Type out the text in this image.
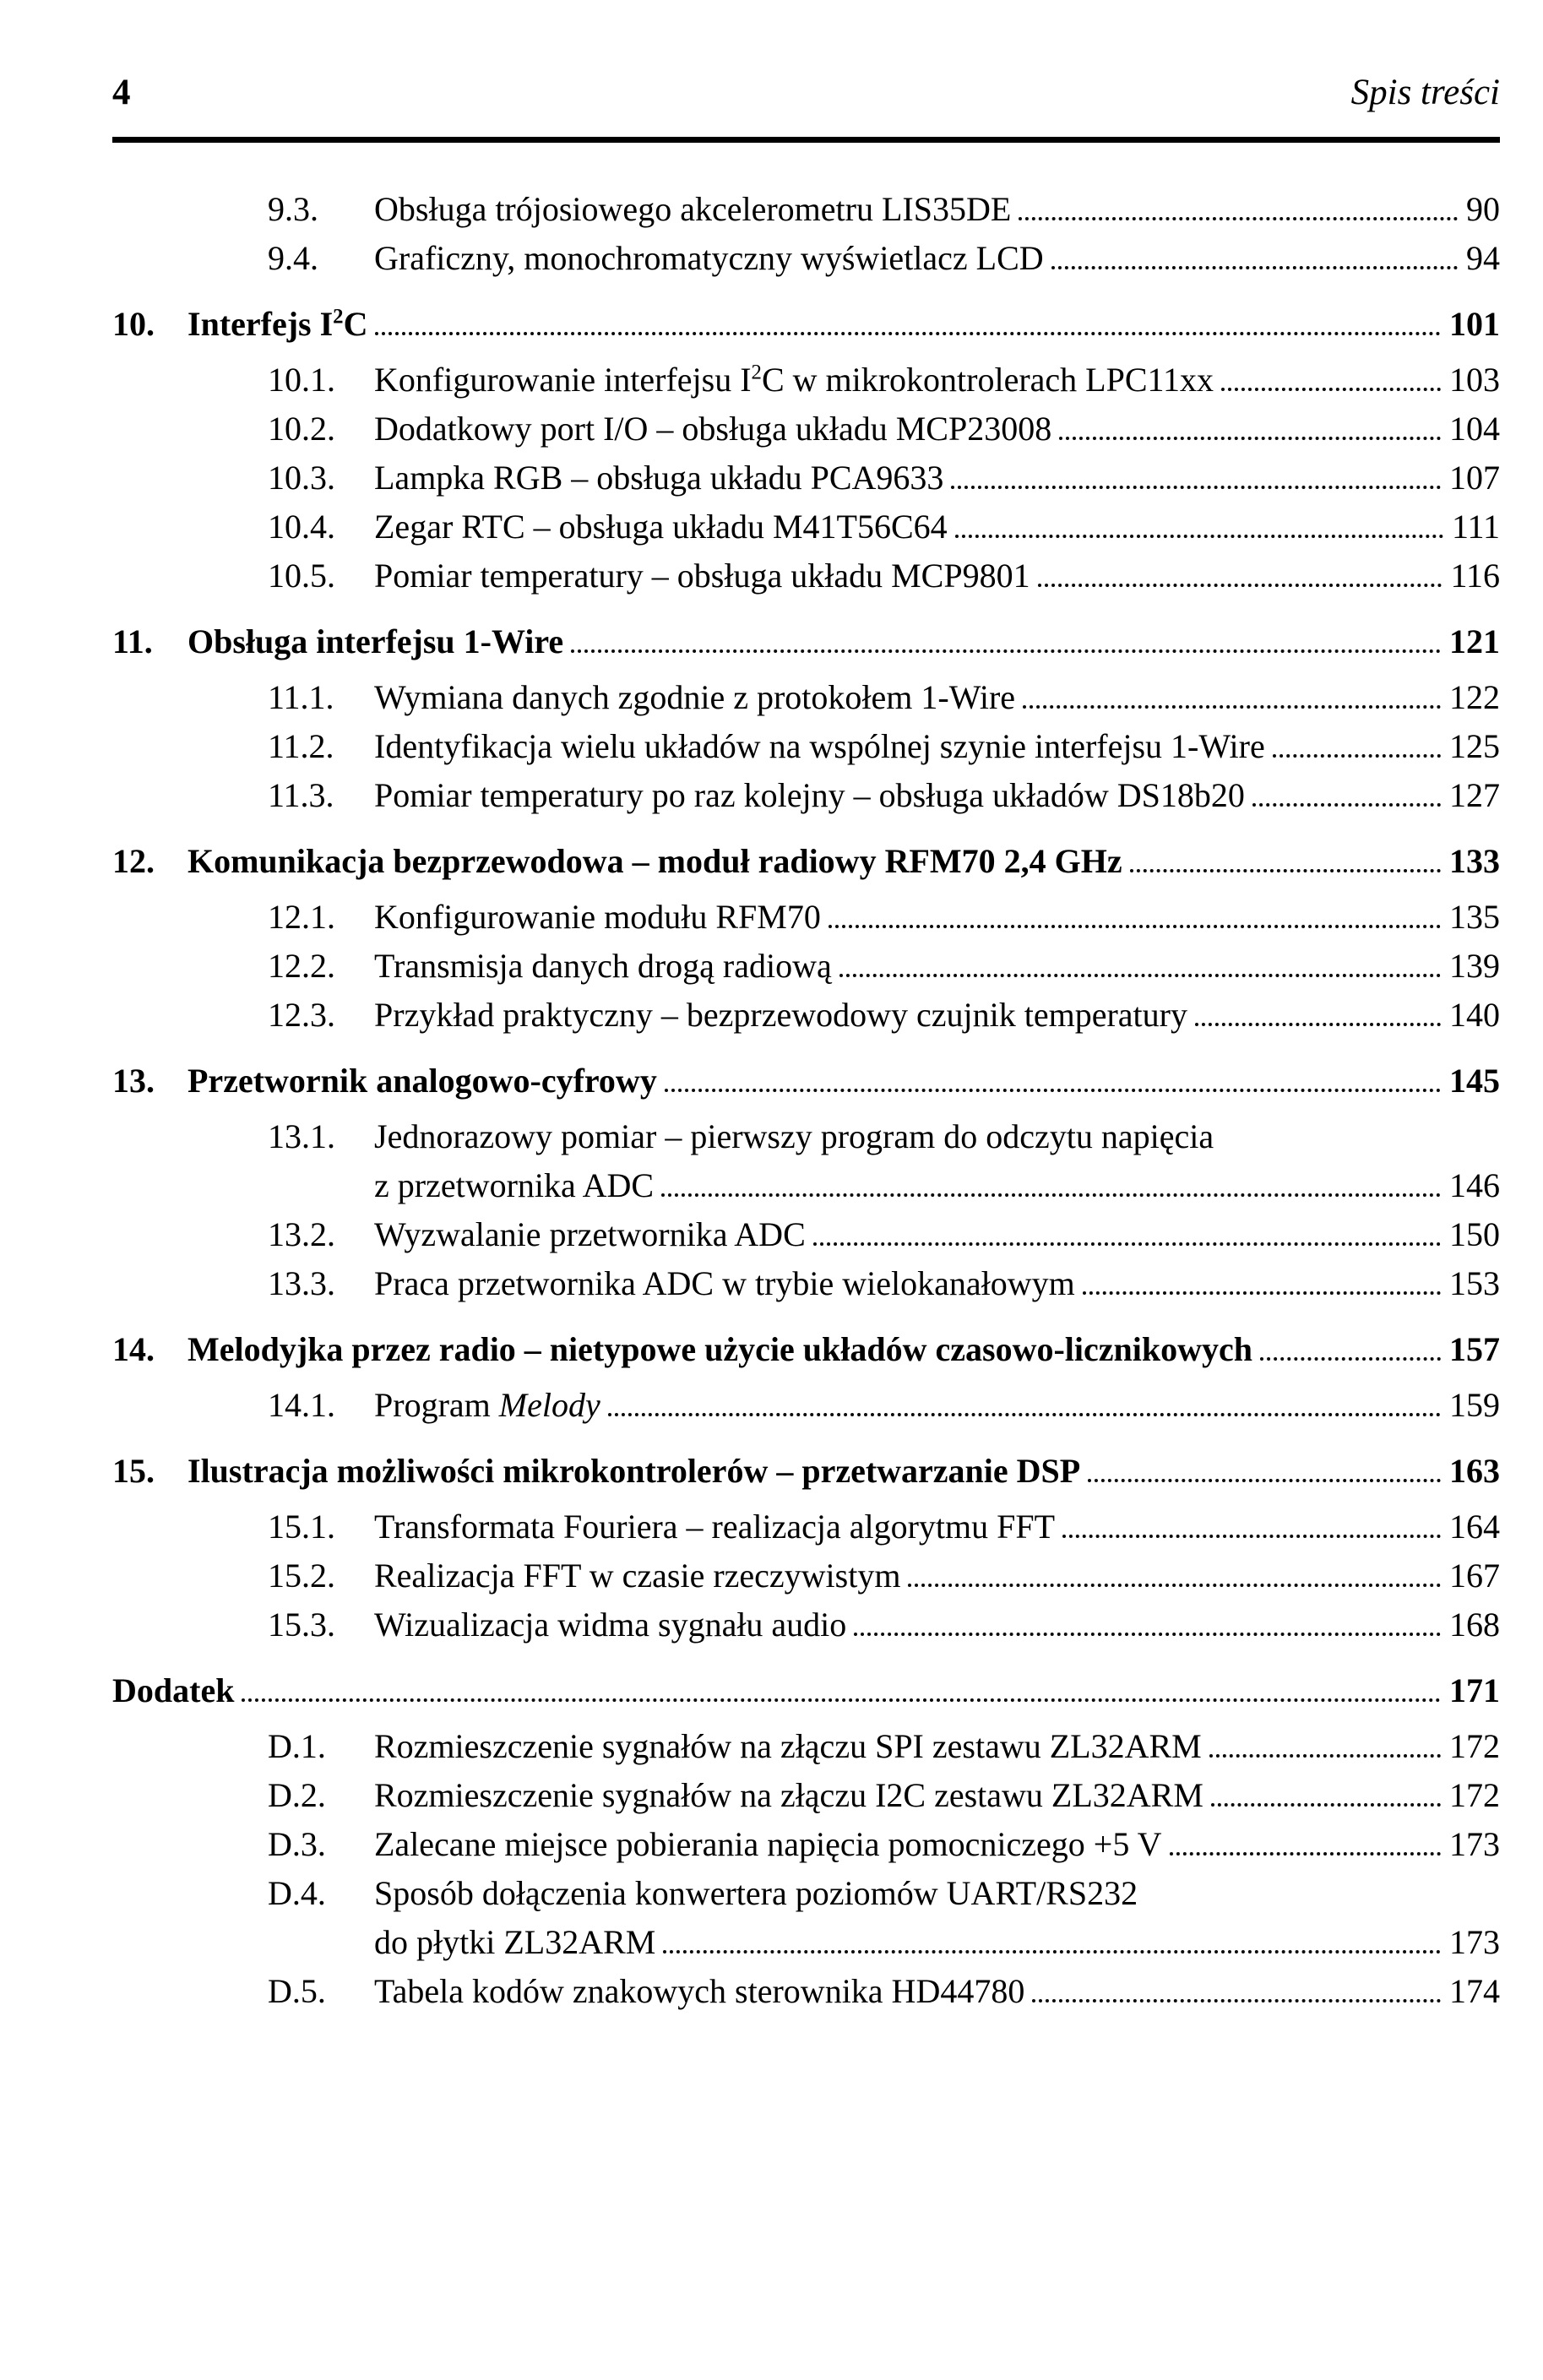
4	Spis treści
9.3.	Obsługa trójosiowego akcelerometru LIS35DE	90
9.4.	Graficzny, monochromatyczny wyświetlacz LCD	94
10. Interfejs $I^2C$	101
10.1.	Konfigurowanie interfejsu $I^2C$ w mikrokontrolerach LPC11xx	103
10.2.	Dodatkowy port I/O – obsługa układu MCP23008	104
10.3.	Lampka RGB – obsługa układu PCA9633	107
10.4.	Zegar RTC – obsługa układu M41T56C64	111
10.5.	Pomiar temperatury – obsługa układu MCP9801	116
11.	Obsługa interfejsu 1-Wire	121
11.1.	Wymiana danych zgodnie z protokołem 1-Wire	122
11.2.	Identyfikacja wielu układów na wspólnej szynie interfejsu 1-Wire	125
11.3.	Pomiar temperatury po raz kolejny – obsługa układów DS18b20	127
12. Komunikacja bezprzewodowa – moduł radiowy RFM70 2,4 GHz	133
12.1.	Konfigurowanie modułu RFM70	135
12.2.	Transmisja danych drogą radiową	139
12.3.	Przykład praktyczny – bezprzewodowy czujnik temperatury	140
13. Przetwornik analogowo-cyfrowy	145
13.1.	Jednorazowy pomiar – pierwszy program do odczytu napięcia
z przetwornika ADC	146
13.2.	Wyzwalanie przetwornika ADC	150
13.3.	Praca przetwornika ADC w trybie wielokanałowym	153
14. Melodyjka przez radio – nietypowe użycie układów czasowo-licznikowych	157
14.1.	Program Melody	159
15. Ilustracja możliwości mikrokontrolerów – przetwarzanie DSP	163
15.1.	Transformata Fouriera – realizacja algorytmu FFT	164
15.2.	Realizacja FFT w czasie rzeczywistym	167
15.3.	Wizualizacja widma sygnału audio	168
Dodatek	171
D.1.	Rozmieszczenie sygnałów na złączu SPI zestawu ZL32ARM	172
D.2.	Rozmieszczenie sygnałów na złączu I2C zestawu ZL32ARM	172
D.3.	Zalecane miejsce pobierania napięcia pomocniczego +5 V	173
D.4.	Sposób dołączenia konwertera poziomów UART/RS232
do płytki ZL32ARM	173
D.5.	Tabela kodów znakowych sterownika HD44780	174
